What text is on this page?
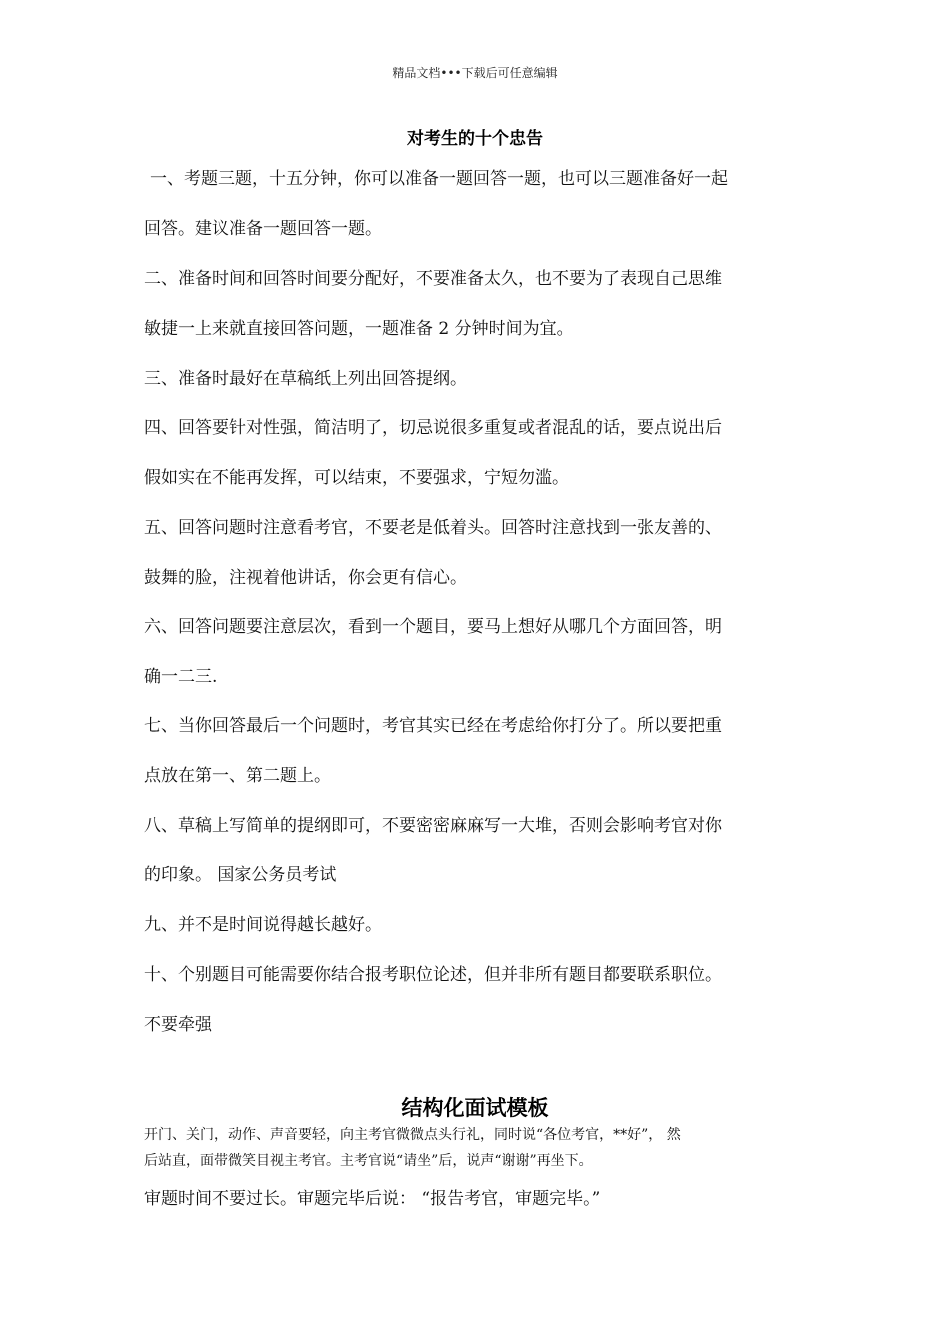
精品文档•••下载后可任意编辑
对考生的十个忠告
一、考题三题，十五分钟，你可以准备一题回答一题，也可以三题准备好一起
回答。建议准备一题回答一题。
二、准备时间和回答时间要分配好，不要准备太久，也不要为了表现自己思维
敏捷一上来就直接回答问题，一题准备 2 分钟时间为宜。
三、准备时最好在草稿纸上列出回答提纲。
四、回答要针对性强，简洁明了，切忌说很多重复或者混乱的话，要点说出后
假如实在不能再发挥，可以结束，不要强求，宁短勿滥。
五、回答问题时注意看考官，不要老是低着头。回答时注意找到一张友善的、
鼓舞的脸，注视着他讲话，你会更有信心。
六、回答问题要注意层次，看到一个题目，要马上想好从哪几个方面回答，明
确一二三.
七、当你回答最后一个问题时，考官其实已经在考虑给你打分了。所以要把重
点放在第一、第二题上。
八、草稿上写简单的提纲即可，不要密密麻麻写一大堆，否则会影响考官对你
的印象。 国家公务员考试
九、并不是时间说得越长越好。
十、个别题目可能需要你结合报考职位论述，但并非所有题目都要联系职位。
不要牵强
结构化面试模板
开门、关门，动作、声音要轻，向主考官微微点头行礼，同时说“各位考官，**好”， 然
后站直，面带微笑目视主考官。主考官说“请坐”后，说声“谢谢”再坐下。
审题时间不要过长。审题完毕后说： “报告考官，审题完毕。”
